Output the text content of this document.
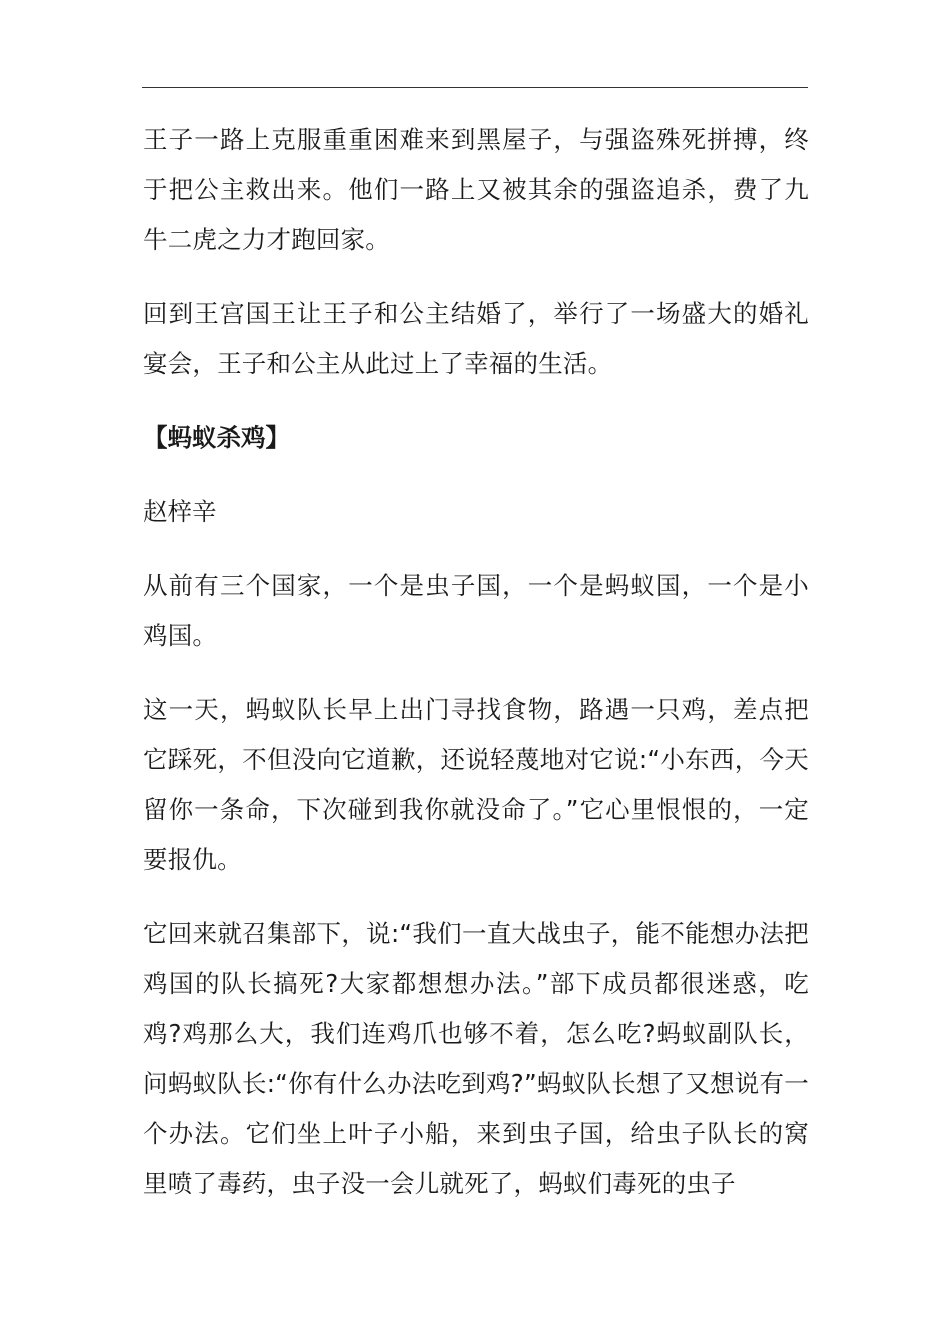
王子一路上克服重重困难来到黑屋子，与强盗殊死拼搏，终于把公主救出来。他们一路上又被其余的强盗追杀，费了九牛二虎之力才跑回家。

回到王宫国王让王子和公主结婚了，举行了一场盛大的婚礼宴会，王子和公主从此过上了幸福的生活。

【蚂蚁杀鸡】

赵梓辛

从前有三个国家，一个是虫子国，一个是蚂蚁国，一个是小鸡国。

这一天，蚂蚁队长早上出门寻找食物，路遇一只鸡，差点把它踩死，不但没向它道歉，还说轻蔑地对它说:“小东西，今天留你一条命，下次碰到我你就没命了。”它心里恨恨的，一定要报仇。

它回来就召集部下，说:“我们一直大战虫子，能不能想办法把鸡国的队长搞死?大家都想想办法。”部下成员都很迷惑，吃鸡?鸡那么大，我们连鸡爪也够不着，怎么吃?蚂蚁副队长，问蚂蚁队长:“你有什么办法吃到鸡?”蚂蚁队长想了又想说有一个办法。它们坐上叶子小船，来到虫子国，给虫子队长的窝里喷了毒药，虫子没一会儿就死了，蚂蚁们毒死的虫子
